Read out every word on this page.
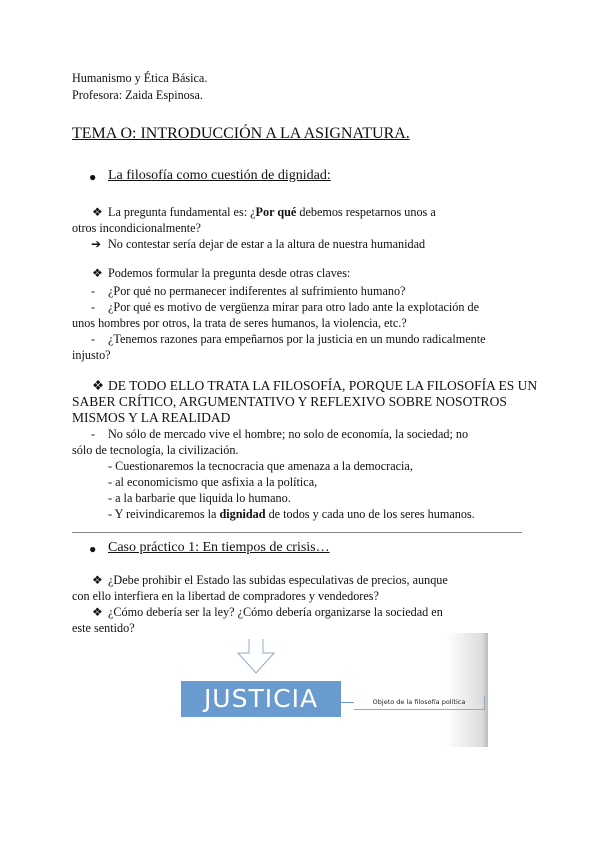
Humanismo y Ética Básica.
Profesora: Zaida Espinosa.
TEMA O: INTRODUCCIÓN A LA ASIGNATURA.
● La filosofía como cuestión de dignidad:
❖ La pregunta fundamental es: ¿Por qué debemos respetarnos unos a
otros incondicionalmente?
➔ No contestar sería dejar de estar a la altura de nuestra humanidad
❖ Podemos formular la pregunta desde otras claves:
- ¿Por qué no permanecer indiferentes al sufrimiento humano?
- ¿Por qué es motivo de vergüenza mirar para otro lado ante la explotación de
unos hombres por otros, la trata de seres humanos, la violencia, etc.?
- ¿Tenemos razones para empeñarnos por la justicia en un mundo radicalmente
injusto?
❖ DE TODO ELLO TRATA LA FILOSOFÍA, PORQUE LA FILOSOFÍA ES UN
SABER CRÍTICO, ARGUMENTATIVO Y REFLEXIVO SOBRE NOSOTROS
MISMOS Y LA REALIDAD
- No sólo de mercado vive el hombre; no solo de economía, la sociedad; no
sólo de tecnología, la civilización.
- Cuestionaremos la tecnocracia que amenaza a la democracia,
- al economicismo que asfixia a la política,
- a la barbarie que liquida lo humano.
- Y reivindicaremos la dignidad de todos y cada uno de los seres humanos.
● Caso práctico 1: En tiempos de crisis…
❖ ¿Debe prohibir el Estado las subidas especulativas de precios, aunque
con ello interfiera en la libertad de compradores y vendedores?
❖ ¿Cómo debería ser la ley? ¿Cómo debería organizarse la sociedad en
este sentido?
JUSTICIA	Objeto de la filosofía política
